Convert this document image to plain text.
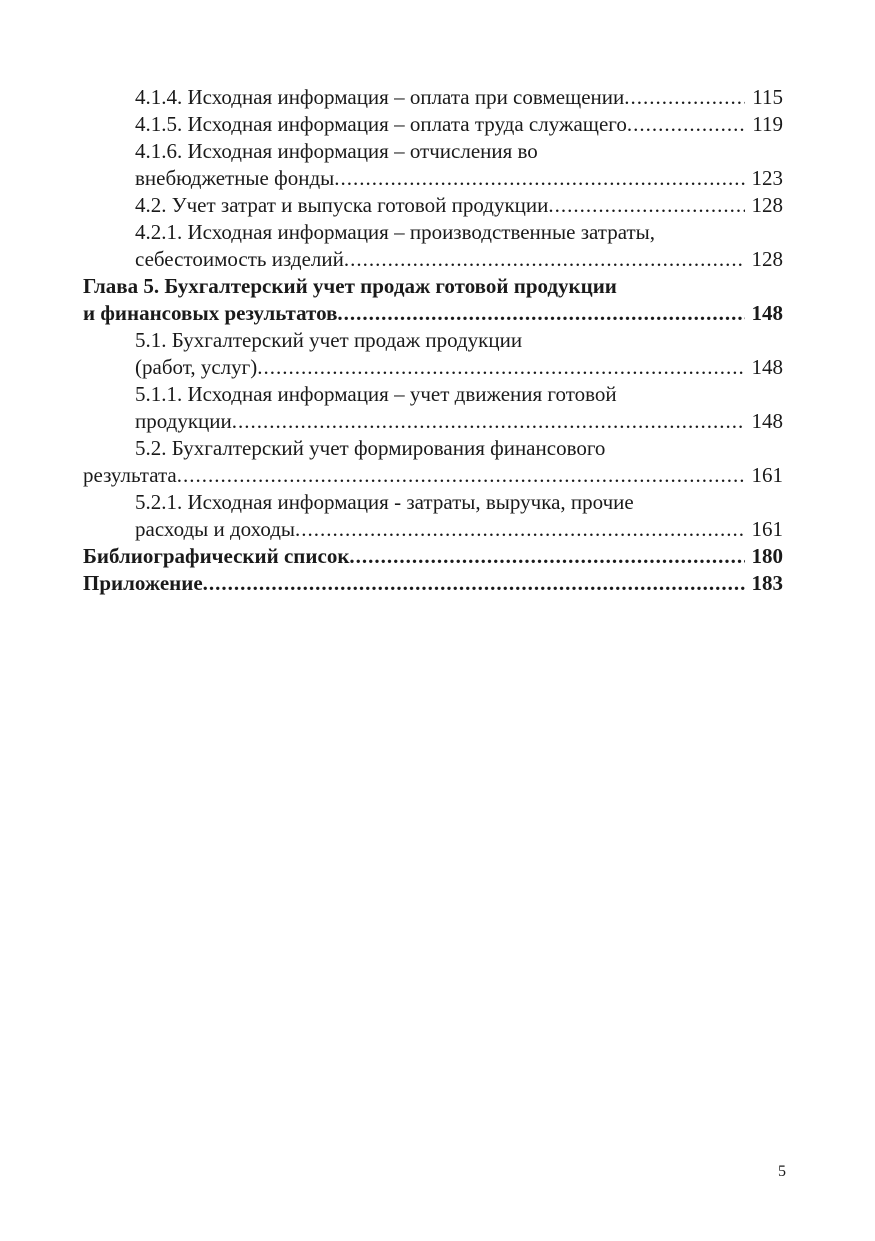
4.1.4. Исходная информация – оплата при совмещении .....	115
4.1.5. Исходная информация – оплата труда служащего .....	119
4.1.6. Исходная информация – отчисления во
внебюджетные фонды .....	123
4.2. Учет затрат и выпуска готовой продукции .....	128
4.2.1. Исходная информация – производственные затраты,
себестоимость изделий .....	128
Глава 5. Бухгалтерский учет продаж готовой продукции
и финансовых результатов .....	148
5.1. Бухгалтерский учет продаж продукции
(работ, услуг) .....	148
5.1.1. Исходная информация – учет движения готовой
продукции .....	148
5.2. Бухгалтерский учет формирования финансового
результата .....	161
5.2.1. Исходная информация - затраты, выручка, прочие
расходы и доходы .....	161
Библиографический список .....	180
Приложение .....	183
5
